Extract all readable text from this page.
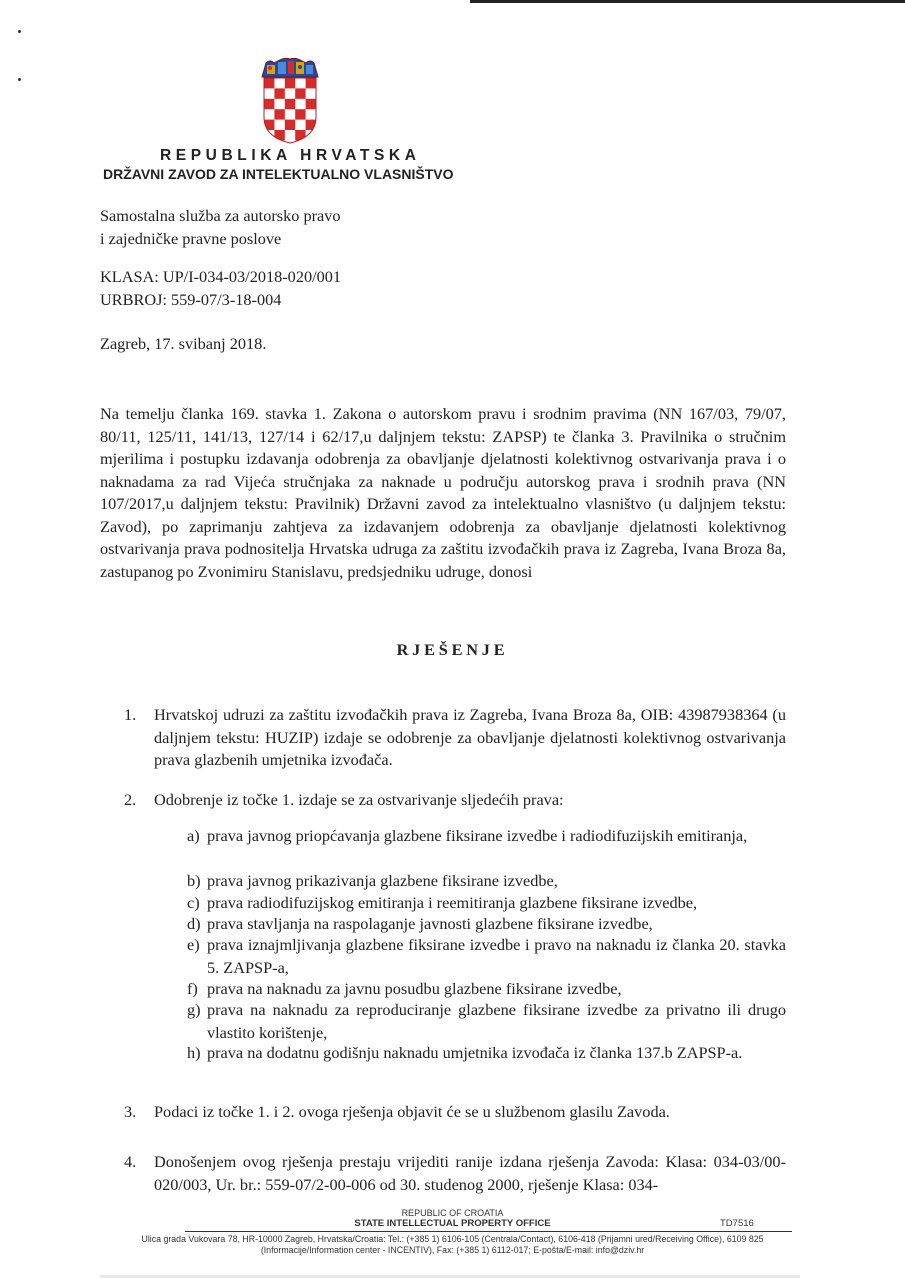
REPUBLIKA HRVATSKA
DRŽAVNI ZAVOD ZA INTELEKTUALNO VLASNIŠTVO
Samostalna služba za autorsko pravo
i zajedničke pravne poslove
KLASA: UP/I-034-03/2018-020/001
URBROJ: 559-07/3-18-004
Zagreb, 17. svibanj 2018.
Na temelju članka 169. stavka 1. Zakona o autorskom pravu i srodnim pravima (NN 167/03, 79/07, 80/11, 125/11, 141/13, 127/14 i 62/17,u daljnjem tekstu: ZAPSP) te članka 3. Pravilnika o stručnim mjerilima i postupku izdavanja odobrenja za obavljanje djelatnosti kolektivnog ostvarivanja prava i o naknadama za rad Vijeća stručnjaka za naknade u području autorskog prava i srodnih prava (NN 107/2017,u daljnjem tekstu: Pravilnik) Državni zavod za intelektualno vlasništvo (u daljnjem tekstu: Zavod), po zaprimanju zahtjeva za izdavanjem odobrenja za obavljanje djelatnosti kolektivnog ostvarivanja prava podnositelja Hrvatska udruga za zaštitu izvođačkih prava iz Zagreba, Ivana Broza 8a, zastupanog po Zvonimiru Stanislavu, predsjedniku udruge, donosi
RJEŠENJE
1. Hrvatskoj udruzi za zaštitu izvođačkih prava iz Zagreba, Ivana Broza 8a, OIB: 43987938364 (u daljnjem tekstu: HUZIP) izdaje se odobrenje za obavljanje djelatnosti kolektivnog ostvarivanja prava glazbenih umjetnika izvođača.
2. Odobrenje iz točke 1. izdaje se za ostvarivanje sljedećih prava:
a) prava javnog priopćavanja glazbene fiksirane izvedbe i radiodifuzijskih emitiranja,
b) prava javnog prikazivanja glazbene fiksirane izvedbe,
c) prava radiodifuzijskog emitiranja i reemitiranja glazbene fiksirane izvedbe,
d) prava stavljanja na raspolaganje javnosti glazbene fiksirane izvedbe,
e) prava iznajmljivanja glazbene fiksirane izvedbe i pravo na naknadu iz članka 20. stavka 5. ZAPSP-a,
f) prava na naknadu za javnu posudbu glazbene fiksirane izvedbe,
g) prava na naknadu za reproduciranje glazbene fiksirane izvedbe za privatno ili drugo vlastito korištenje,
h) prava na dodatnu godišnju naknadu umjetnika izvođača iz članka 137.b ZAPSP-a.
3. Podaci iz točke 1. i 2. ovoga rješenja objavit će se u službenom glasilu Zavoda.
4. Donošenjem ovog rješenja prestaju vrijediti ranije izdana rješenja Zavoda: Klasa: 034-03/00-020/003, Ur. br.: 559-07/2-00-006 od 30. studenog 2000, rješenje Klasa: 034-
REPUBLIC OF CROATIA
STATE INTELLECTUAL PROPERTY OFFICE	TD7516
Ulica grada Vukovara 78, HR-10000 Zagreb, Hrvatska/Croatia: Tel.: (+385 1) 6106-105 (Centrala/Contact), 6106-418 (Prijamni ured/Receiving Office), 6109 825 (Informacije/Information center - INCENTIV), Fax: (+385 1) 6112-017; E-pošta/E-mail: info@dziv.hr
